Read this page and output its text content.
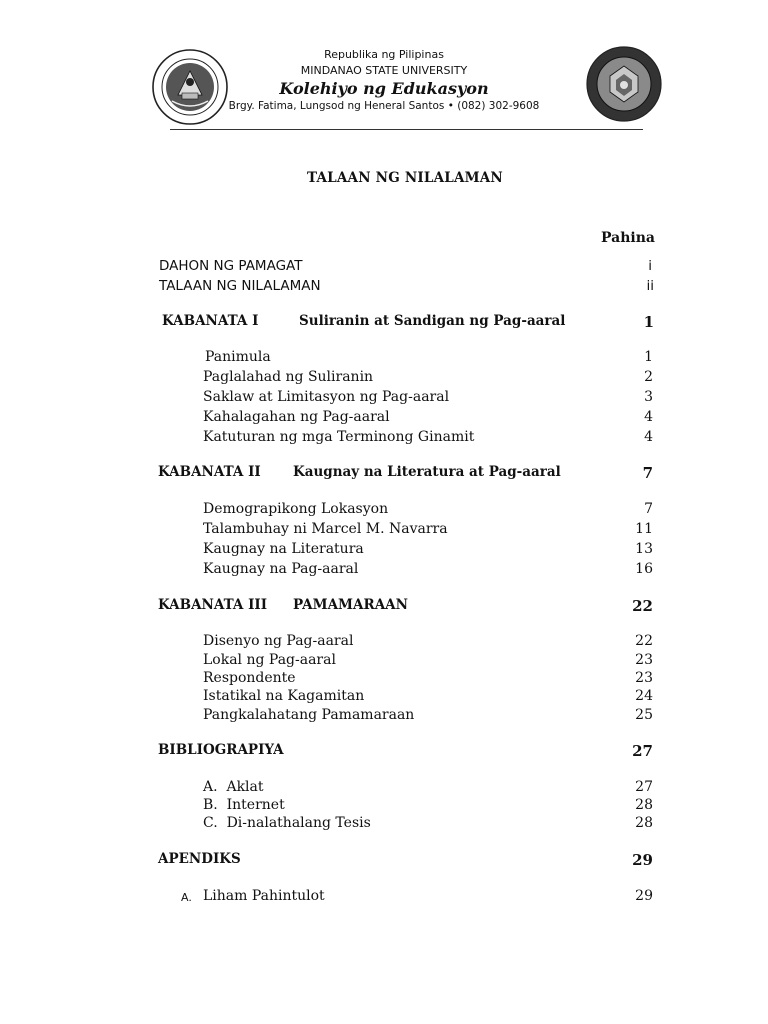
Republika ng Pilipinas
MINDANAO STATE UNIVERSITY
Kolehiyo ng Edukasyon
Brgy. Fatima, Lungsod ng Heneral Santos • (082) 302-9608
TALAAN NG NILALAMAN
Pahina
DAHON NG PAMAGAT	i
TALAAN NG NILALAMAN	ii
KABANATA I	Suliranin at Sandigan ng Pag-aaral	1
Panimula	1
Paglalahad ng Suliranin	2
Saklaw at Limitasyon ng Pag-aaral	3
Kahalagahan ng Pag-aaral	4
Katuturan ng mga Terminong Ginamit	4
KABANATA II Kaugnay na Literatura at Pag-aaral	7
Demograpikong Lokasyon	7
Talambuhay ni Marcel M. Navarra	11
Kaugnay na Literatura	13
Kaugnay na Pag-aaral	16
KABANATA III PAMAMARAAN	22
Disenyo ng Pag-aaral	22
Lokal ng Pag-aaral	23
Respondente	23
Istatikal na Kagamitan	24
Pangkalahatang Pamamaraan	25
BIBLIOGRAPIYA	27
A.  Aklat	27
B.  Internet	28
C.  Di-nalathalang Tesis	28
APENDIKS	29
A. Liham Pahintulot	29
